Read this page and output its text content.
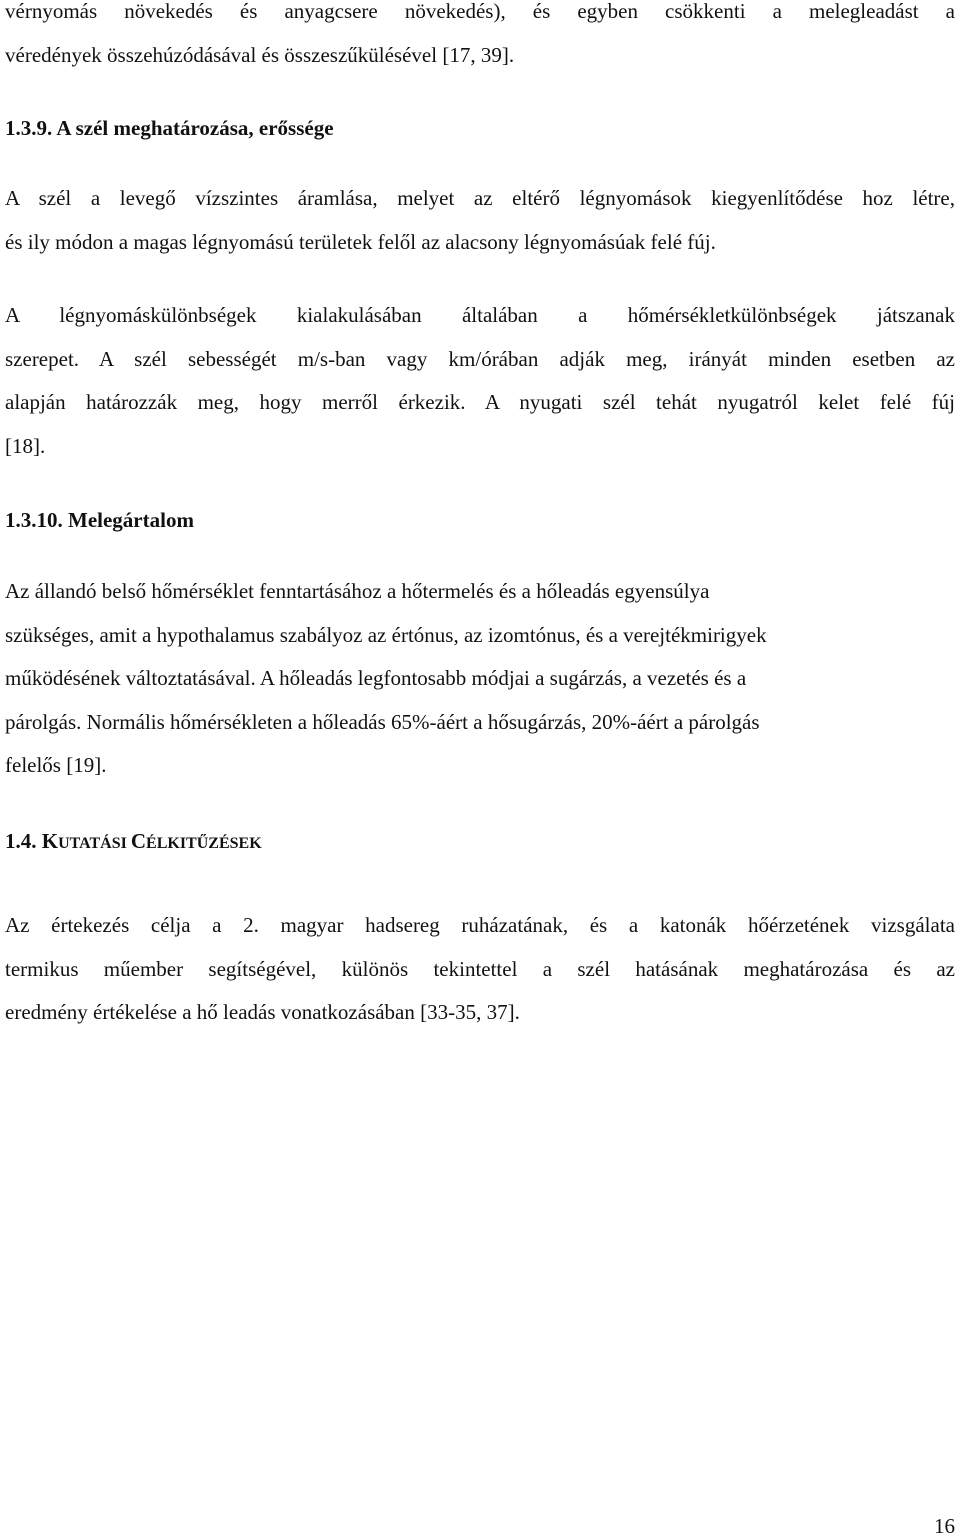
vérnyomás növekedés és anyagcsere növekedés), és egyben csökkenti a melegleadást a
véredények összehúzódásával és összeszűkülésével [17, 39].
1.3.9. A szél meghatározása, erőssége
A szél a levegő vízszintes áramlása, melyet az eltérő légnyomások kiegyenlítődése hoz létre,
és ily módon a magas légnyomású területek felől az alacsony légnyomásúak felé fúj.
A légnyomáskülönbségek kialakulásában általában a hőmérsékletkülönbségek játszanak
szerepet. A szél sebességét m/s-ban vagy km/órában adják meg, irányát minden esetben az
alapján határozzák meg, hogy merről érkezik. A nyugati szél tehát nyugatról kelet felé fúj
[18].
1.3.10. Melegártalom
Az állandó belső hőmérséklet fenntartásához a hőtermelés és a hőleadás egyensúlya
szükséges, amit a hypothalamus szabályoz az értónus, az izomtónus, és a verejtékmirigyek
működésének változtatásával. A hőleadás legfontosabb módjai a sugárzás, a vezetés és a
párolgás. Normális hőmérsékleten a hőleadás 65%-áért a hősugárzás, 20%-áért a párolgás
felelős [19].
1.4. KUTATÁSI CÉLKITŰZÉSEK
Az értekezés célja a 2. magyar hadsereg ruházatának, és a katonák hőérzetének vizsgálata
termikus műember segítségével, különös tekintettel a szél hatásának meghatározása és az
eredmény értékelése a hő leadás vonatkozásában [33-35, 37].
16
